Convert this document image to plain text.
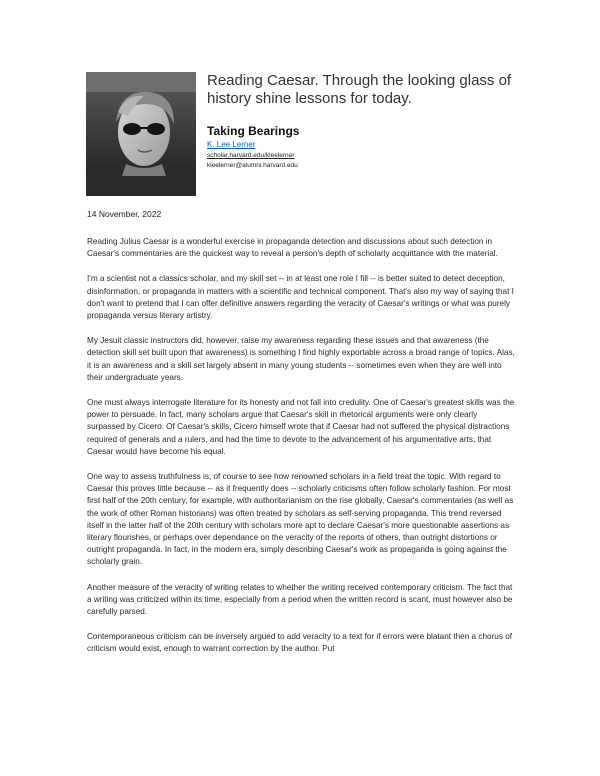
Reading Caesar. Through the looking glass of history shine lessons for today.
Taking Bearings
K. Lee Lerner
scholar.harvard.edu/kleelerner
kleelerner@alumni.harvard.edu
14 November, 2022

Reading Julius Caesar is a wonderful exercise in propaganda detection and discussions about such detection in Caesar's commentaries are the quickest way to reveal a person's depth of scholarly acquittance with the material.

I'm a scientist not a classics scholar, and my skill set -- in at least one role I fill -- is better suited to detect deception, disinformation, or propaganda in matters with a scientific and technical component. That's also my way of saying that I don't want to pretend that I can offer definitive answers regarding the veracity of Caesar's writings or what was purely propaganda versus literary artistry.

My Jesuit classic instructors did, however, raise my awareness regarding these issues and that awareness (the detection skill set built upon that awareness) is something I find highly exportable across a broad range of topics. Alas, it is an awareness and a skill set largely absent in many young students -- sometimes even when they are well into their undergraduate years.

One must always interrogate literature for its honesty and not fall into credulity. One of Caesar's greatest skills was the power to persuade. In fact, many scholars argue that Caesar's skill in rhetorical arguments were only clearly surpassed by Cicero. Of Caesar's skills, Cicero himself wrote that if Caesar had not suffered the physical distractions required of generals and a rulers, and had the time to devote to the advancement of his argumentative arts, that Caesar would have become his equal.

One way to assess truthfulness is, of course to see how renowned scholars in a field treat the topic. With regard to Caesar this proves little because -- as it frequently does -- scholarly criticisms often follow scholarly fashion. For most first half of the 20th century, for example, with authoritarianism on the rise globally, Caesar's commentaries (as well as the work of other Roman historians) was often treated by scholars as self-serving propaganda. This trend reversed itself in the latter half of the 20th century with scholars more apt to declare Caesar's more questionable assertions as literary flourishes, or perhaps over dependance on the veracity of the reports of others, than outright distortions or outright propaganda. In fact, in the modern era, simply describing Caesar's work as propaganda is going against the scholarly grain.

Another measure of the veracity of writing relates to whether the writing received contemporary criticism. The fact that a writing was criticized within its time, especially from a period when the written record is scant, must however also be carefully parsed.

Contemporaneous criticism can be inversely argued to add veracity to a text for if errors were blatant then a chorus of criticism would exist, enough to warrant correction by the author. Put
